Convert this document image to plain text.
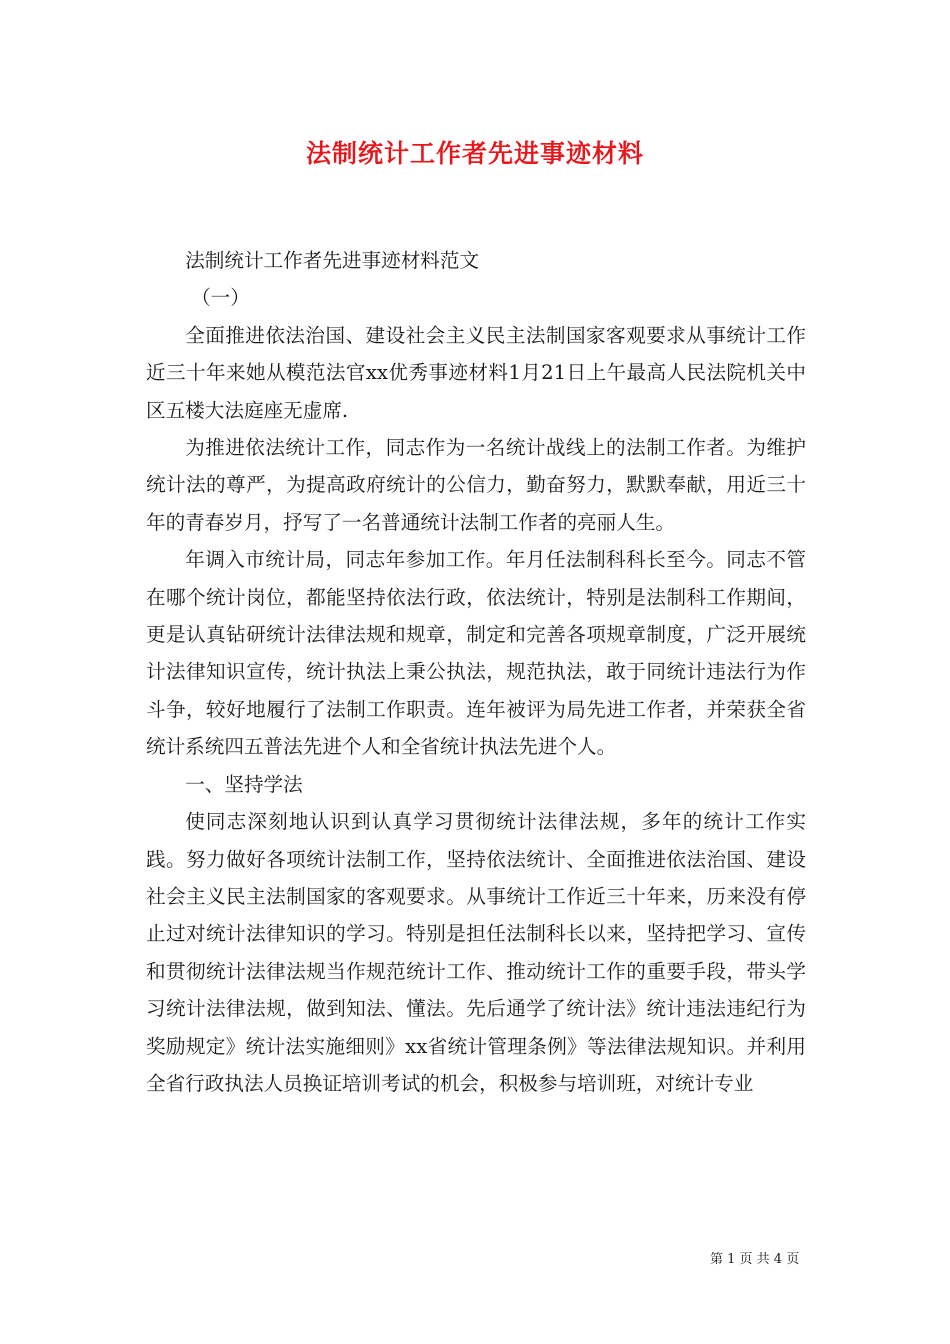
法制统计工作者先进事迹材料

法制统计工作者先进事迹材料范文

（一）

全面推进依法治国、建设社会主义民主法制国家客观要求从事统计工作近三十年来她从模范法官xx优秀事迹材料1月21日上午最高人民法院机关中区五楼大法庭座无虚席.

为推进依法统计工作，同志作为一名统计战线上的法制工作者。为维护统计法的尊严，为提高政府统计的公信力，勤奋努力，默默奉献，用近三十年的青春岁月，抒写了一名普通统计法制工作者的亮丽人生。

年调入市统计局，同志年参加工作。年月任法制科科长至今。同志不管在哪个统计岗位，都能坚持依法行政，依法统计，特别是法制科工作期间，更是认真钻研统计法律法规和规章，制定和完善各项规章制度，广泛开展统计法律知识宣传，统计执法上秉公执法，规范执法，敢于同统计违法行为作斗争，较好地履行了法制工作职责。连年被评为局先进工作者，并荣获全省统计系统四五普法先进个人和全省统计执法先进个人。

一、坚持学法

使同志深刻地认识到认真学习贯彻统计法律法规，多年的统计工作实践。努力做好各项统计法制工作，坚持依法统计、全面推进依法治国、建设社会主义民主法制国家的客观要求。从事统计工作近三十年来，历来没有停止过对统计法律知识的学习。特别是担任法制科长以来，坚持把学习、宣传和贯彻统计法律法规当作规范统计工作、推动统计工作的重要手段，带头学习统计法律法规，做到知法、懂法。先后通学了统计法》统计违法违纪行为奖励规定》统计法实施细则》xx省统计管理条例》等法律法规知识。并利用全省行政执法人员换证培训考试的机会，积极参与培训班，对统计专业

第 1 页 共 4 页
